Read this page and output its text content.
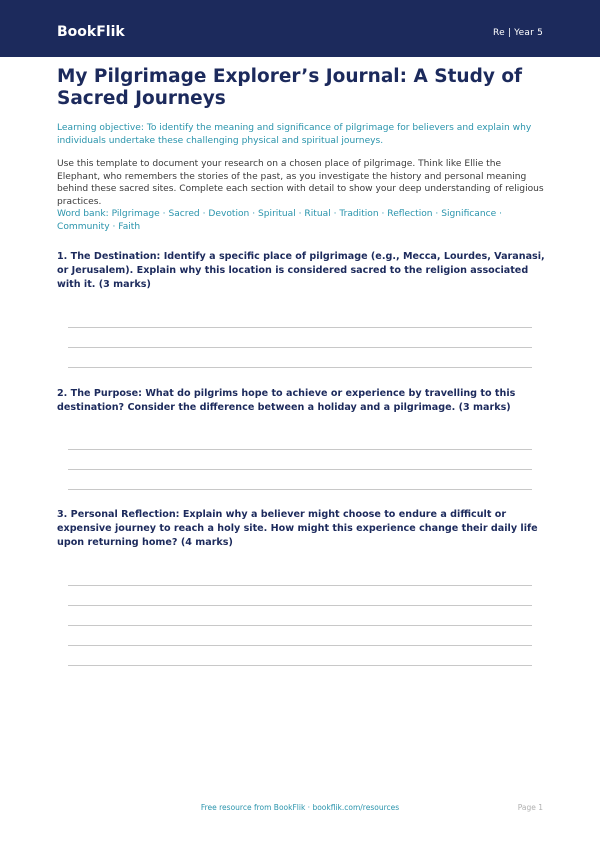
BookFlik	Re | Year 5
My Pilgrimage Explorer’s Journal: A Study of Sacred Journeys
Learning objective: To identify the meaning and significance of pilgrimage for believers and explain why individuals undertake these challenging physical and spiritual journeys.
Use this template to document your research on a chosen place of pilgrimage. Think like Ellie the Elephant, who remembers the stories of the past, as you investigate the history and personal meaning behind these sacred sites. Complete each section with detail to show your deep understanding of religious practices.
Word bank: Pilgrimage · Sacred · Devotion · Spiritual · Ritual · Tradition · Reflection · Significance · Community · Faith
1. The Destination: Identify a specific place of pilgrimage (e.g., Mecca, Lourdes, Varanasi, or Jerusalem). Explain why this location is considered sacred to the religion associated with it. (3 marks)
2. The Purpose: What do pilgrims hope to achieve or experience by travelling to this destination? Consider the difference between a holiday and a pilgrimage. (3 marks)
3. Personal Reflection: Explain why a believer might choose to endure a difficult or expensive journey to reach a holy site. How might this experience change their daily life upon returning home? (4 marks)
Free resource from BookFlik · bookflik.com/resources	Page 1
